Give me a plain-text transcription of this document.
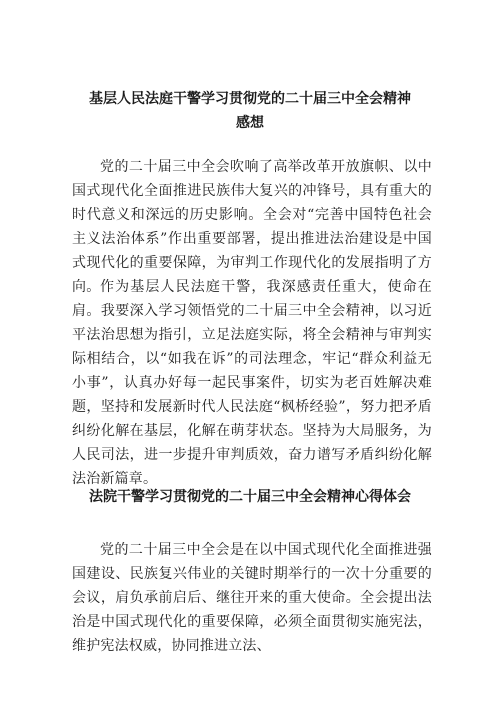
基层人民法庭干警学习贯彻党的二十届三中全会精神
感想

党的二十届三中全会吹响了高举改革开放旗帜、以中国式现代化全面推进民族伟大复兴的冲锋号，具有重大的时代意义和深远的历史影响。全会对“完善中国特色社会主义法治体系”作出重要部署，提出推进法治建设是中国式现代化的重要保障，为审判工作现代化的发展指明了方向。 作为基层人民法庭干警，我深感责任重大，使命在肩。我要深入学习领悟党的二十届三中全会精神，以习近平法治思想为指引，立足法庭实际，将全会精神与审判实际相结合，以“如我在诉”的司法理念，牢记“群众利益无小事”，认真办好每一起民事案件，切实为老百姓解决难题，坚持和发展新时代人民法庭“枫桥经验”，努力把矛盾纠纷化解在基层，化解在萌芽状态。坚持为大局服务，为人民司法，进一步提升审判质效，奋力谱写矛盾纠纷化解法治新篇章。

法院干警学习贯彻党的二十届三中全会精神心得体会

党的二十届三中全会是在以中国式现代化全面推进强国建设、民族复兴伟业的关键时期举行的一次十分重要的会议，肩负承前启后、继往开来的重大使命。全会提出法治是中国式现代化的重要保障，必须全面贯彻实施宪法，维护宪法权威，协同推进立法、
